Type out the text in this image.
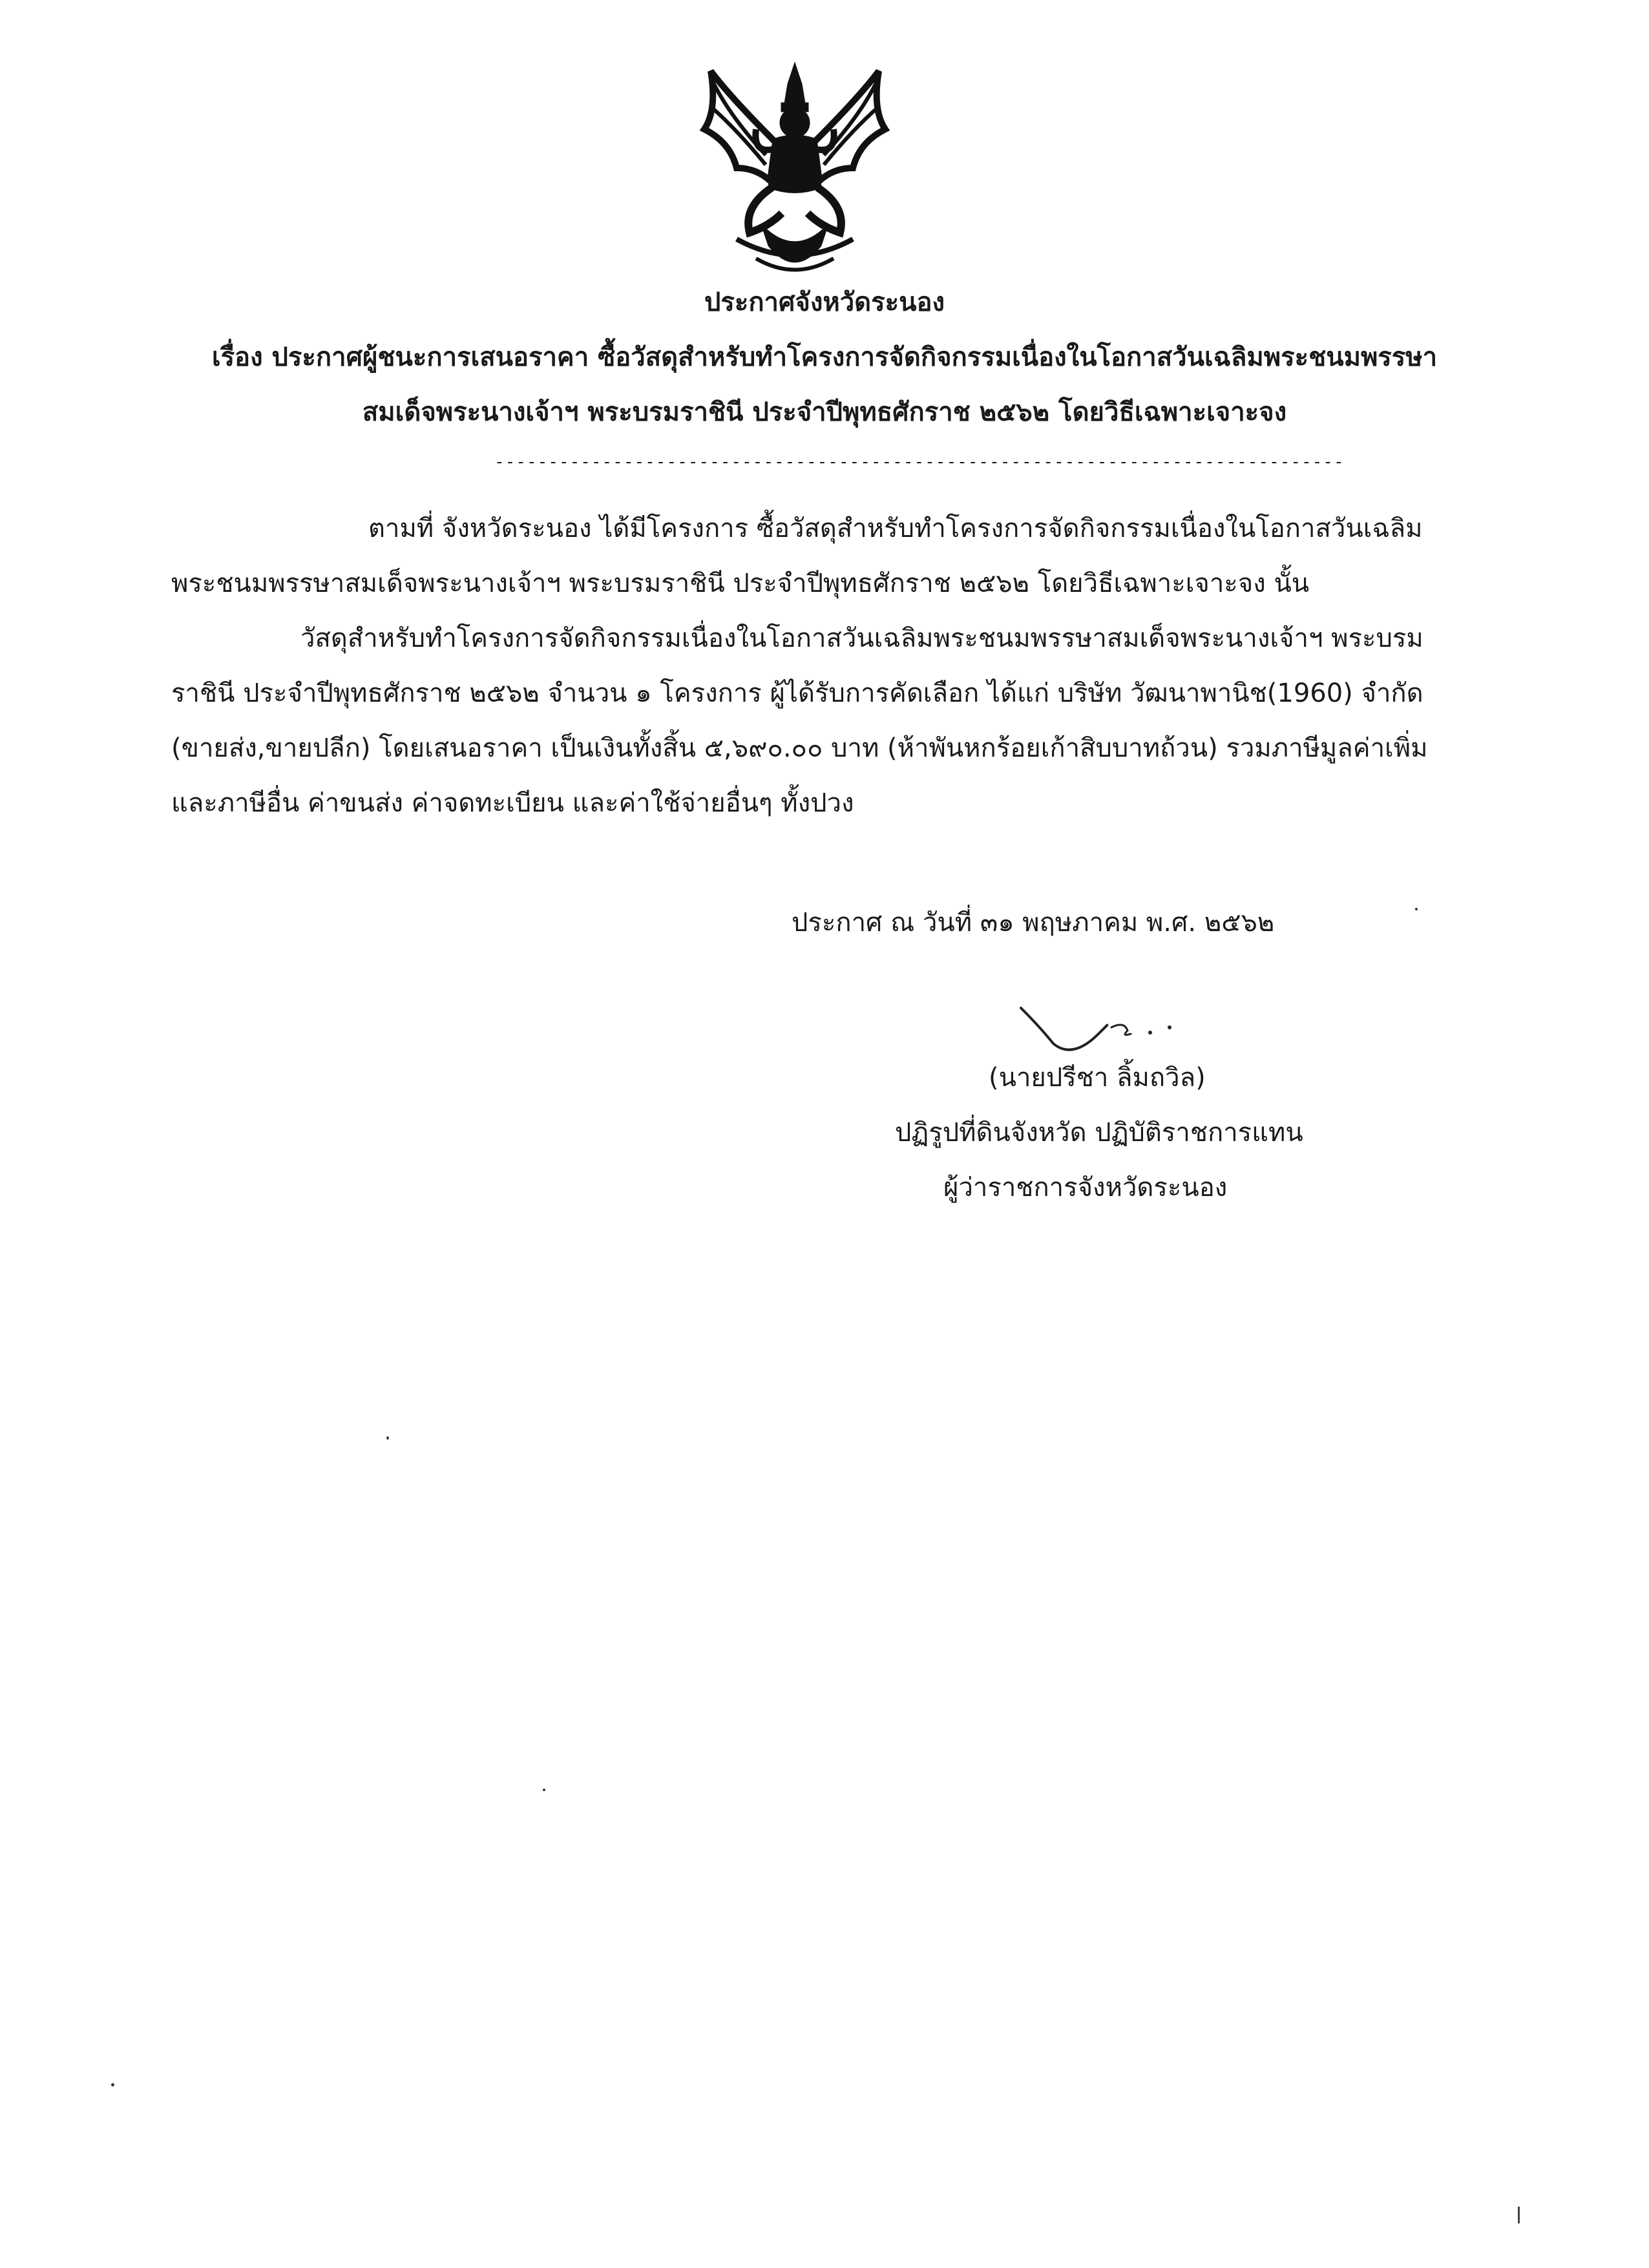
ประกาศจังหวัดระนอง
เรื่อง ประกาศผู้ชนะการเสนอราคา ซื้อวัสดุสำหรับทำโครงการจัดกิจกรรมเนื่องในโอกาสวันเฉลิมพระชนมพรรษา
สมเด็จพระนางเจ้าฯ พระบรมราชินี ประจำปีพุทธศักราช ๒๕๖๒ โดยวิธีเฉพาะเจาะจง
-------------------------------------------------------------------------------
ตามที่ จังหวัดระนอง ได้มีโครงการ ซื้อวัสดุสำหรับทำโครงการจัดกิจกรรมเนื่องในโอกาสวันเฉลิม
พระชนมพรรษาสมเด็จพระนางเจ้าฯ พระบรมราชินี ประจำปีพุทธศักราช ๒๕๖๒ โดยวิธีเฉพาะเจาะจง นั้น
วัสดุสำหรับทำโครงการจัดกิจกรรมเนื่องในโอกาสวันเฉลิมพระชนมพรรษาสมเด็จพระนางเจ้าฯ พระบรม
ราชินี ประจำปีพุทธศักราช ๒๕๖๒ จำนวน ๑ โครงการ ผู้ได้รับการคัดเลือก ได้แก่ บริษัท วัฒนาพานิช(1960) จำกัด
(ขายส่ง,ขายปลีก) โดยเสนอราคา เป็นเงินทั้งสิ้น ๕,๖๙๐.๐๐ บาท (ห้าพันหกร้อยเก้าสิบบาทถ้วน) รวมภาษีมูลค่าเพิ่ม
และภาษีอื่น ค่าขนส่ง ค่าจดทะเบียน และค่าใช้จ่ายอื่นๆ ทั้งปวง
ประกาศ ณ วันที่ ๓๑ พฤษภาคม พ.ศ. ๒๕๖๒
(นายปรีชา ลิ้มถวิล)
ปฏิรูปที่ดินจังหวัด ปฏิบัติราชการแทน
ผู้ว่าราชการจังหวัดระนอง
